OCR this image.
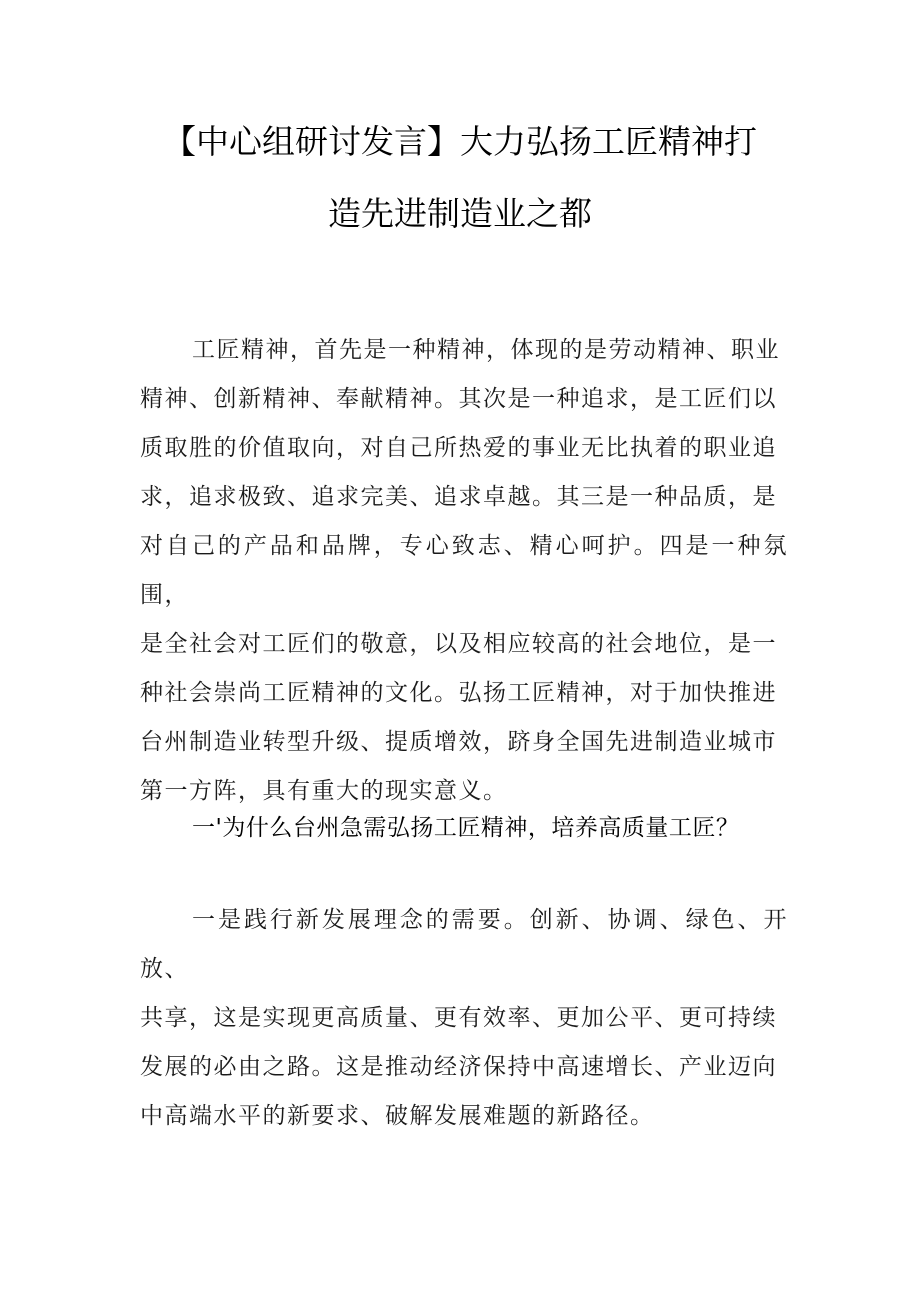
【中心组研讨发言】大力弘扬工匠精神打
造先进制造业之都

工匠精神，首先是一种精神，体现的是劳动精神、职业
精神、创新精神、奉献精神。其次是一种追求，是工匠们以
质取胜的价值取向，对自己所热爱的事业无比执着的职业追
求，追求极致、追求完美、追求卓越。其三是一种品质，是
对自己的产品和品牌，专心致志、精心呵护。四是一种氛围，
是全社会对工匠们的敬意，以及相应较高的社会地位，是一
种社会崇尚工匠精神的文化。弘扬工匠精神，对于加快推进
台州制造业转型升级、提质增效，跻身全国先进制造业城市
第一方阵，具有重大的现实意义。

一'为什么台州急需弘扬工匠精神，培养高质量工匠？

一是践行新发展理念的需要。创新、协调、绿色、开放、
共享，这是实现更高质量、更有效率、更加公平、更可持续
发展的必由之路。这是推动经济保持中高速增长、产业迈向
中高端水平的新要求、破解发展难题的新路径。
